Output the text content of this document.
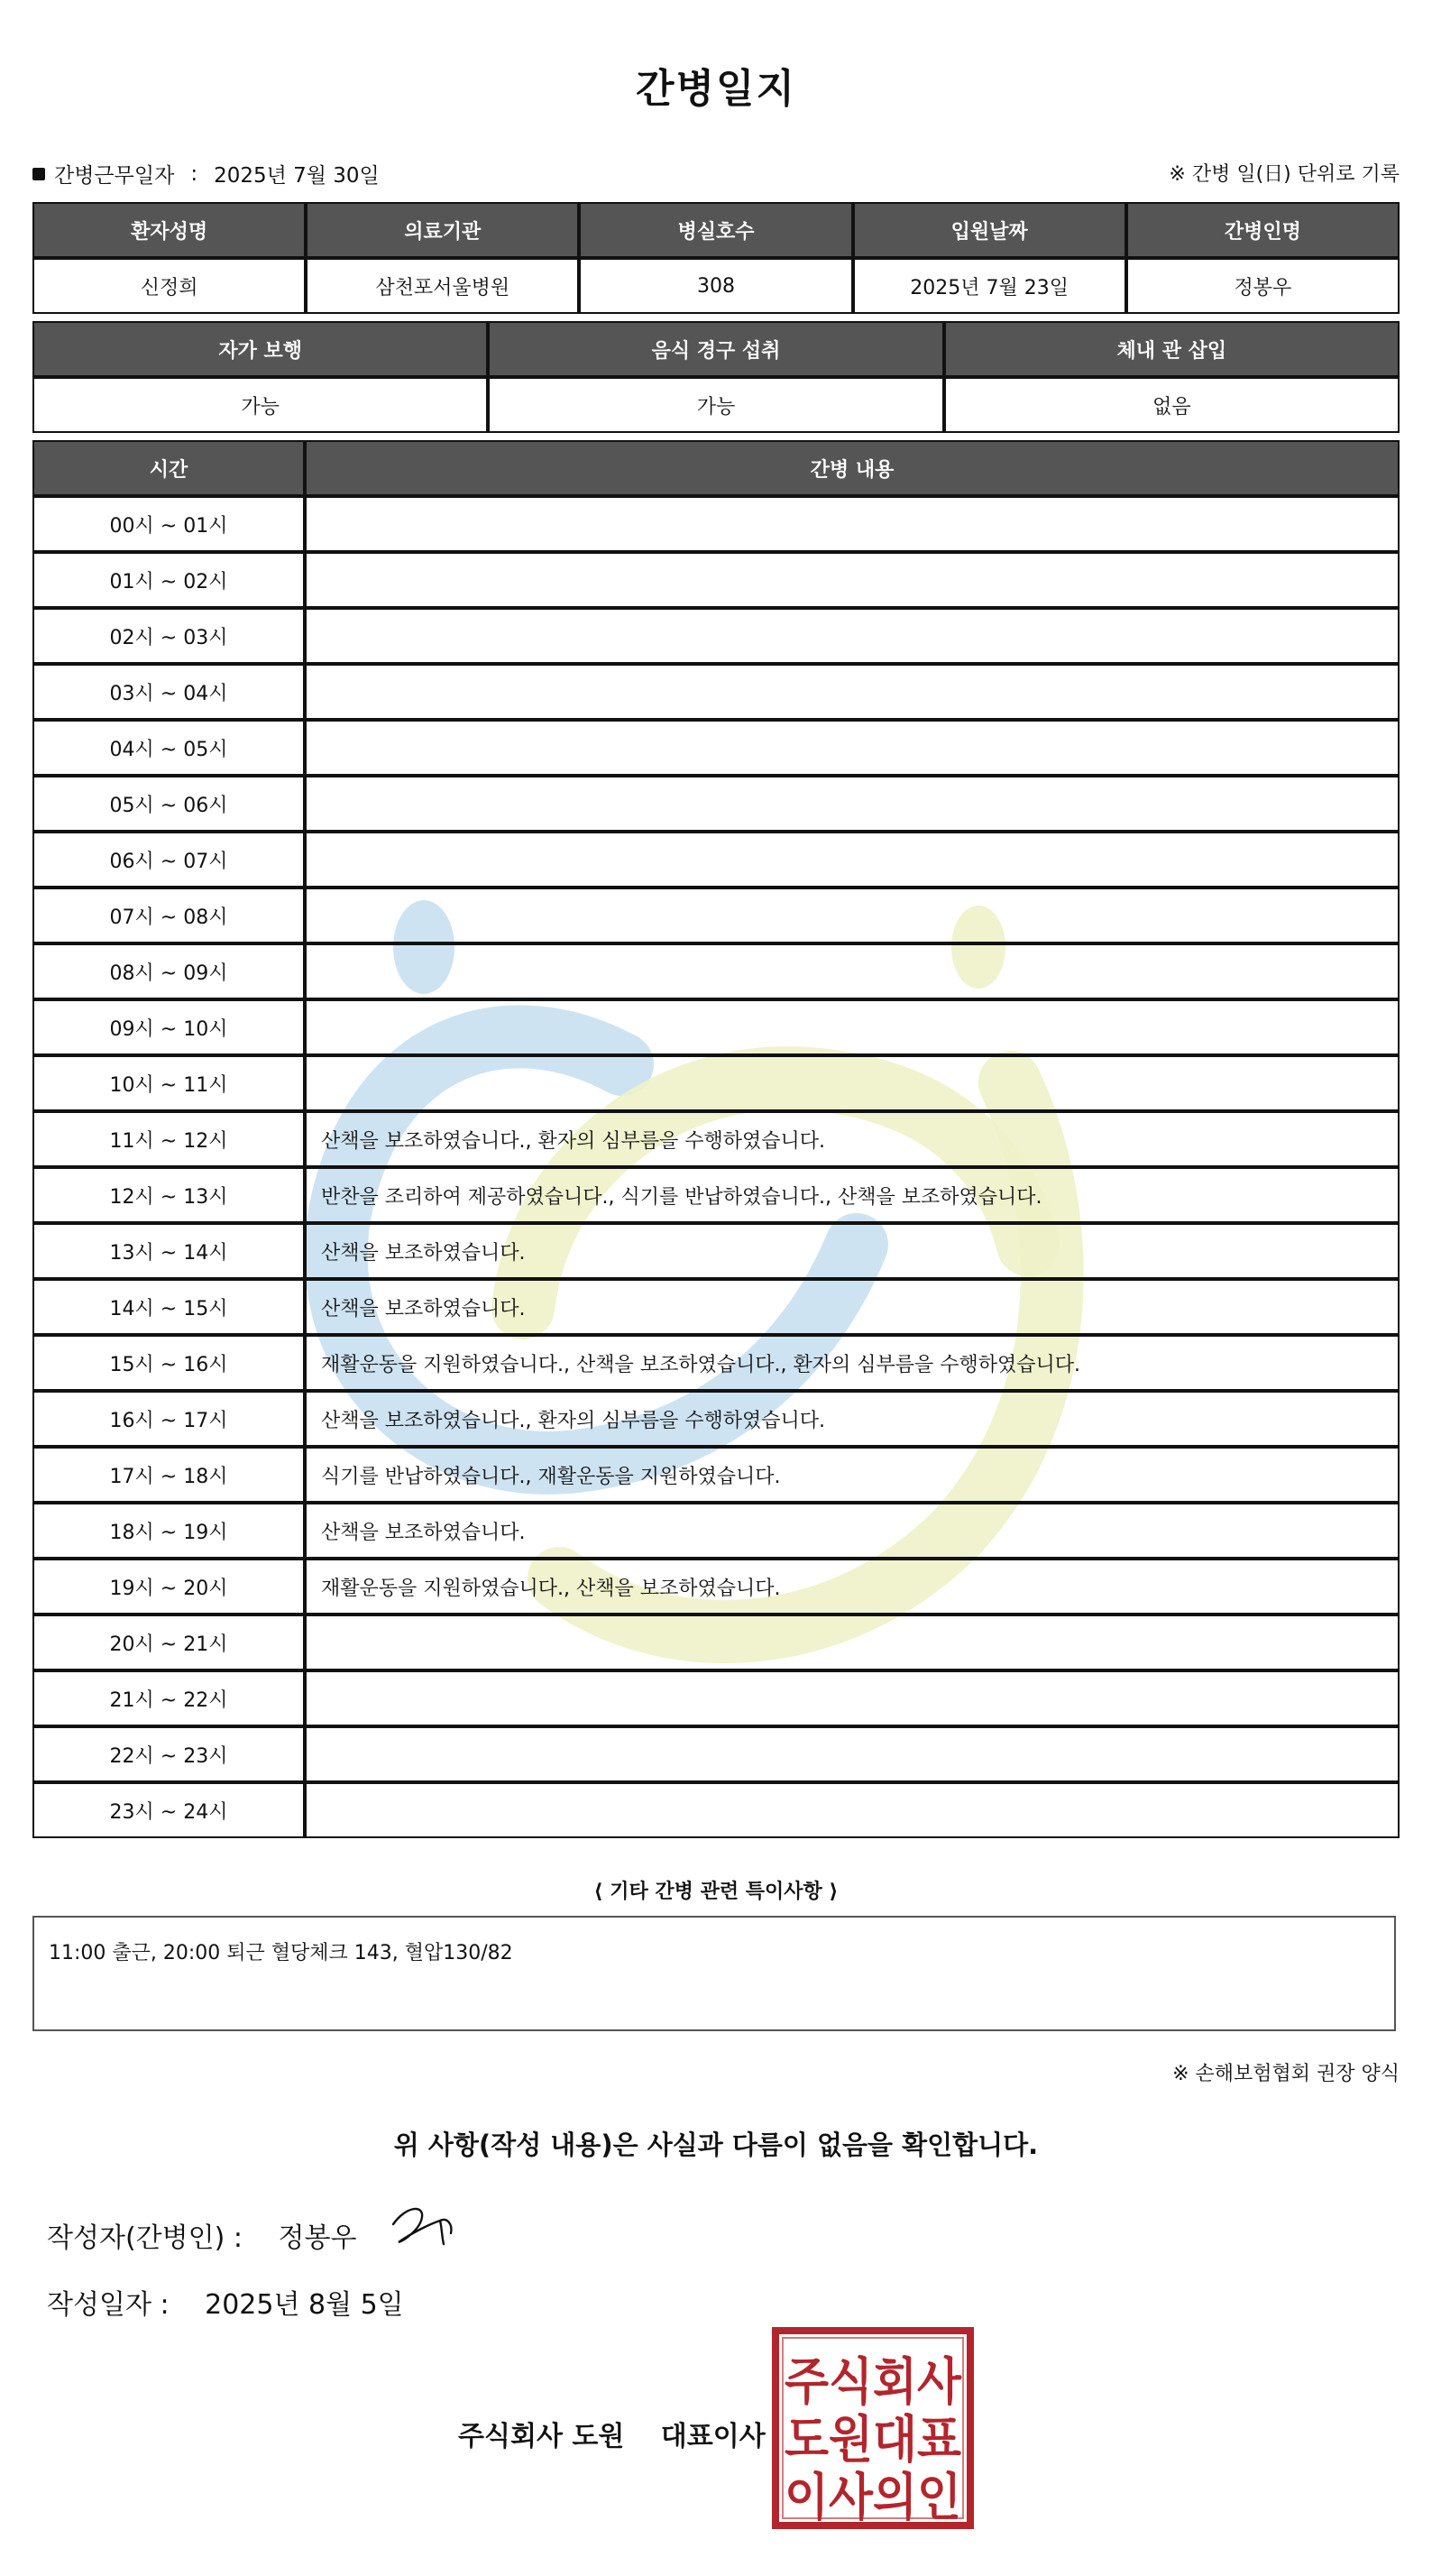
간병일지
간병근무일자 : 2025년 7월 30일	※ 간병 일(日) 단위로 기록
환자성명	의료기관	병실호수	입원날짜	간병인명
신정희	삼천포서울병원	308	2025년 7월 23일	정봉우
자가 보행	음식 경구 섭취	체내 관 삽입
가능	가능	없음
시간	간병 내용
00시 ~ 01시	
01시 ~ 02시	
02시 ~ 03시	
03시 ~ 04시	
04시 ~ 05시	
05시 ~ 06시	
06시 ~ 07시	
07시 ~ 08시	
08시 ~ 09시	
09시 ~ 10시	
10시 ~ 11시	
11시 ~ 12시	산책을 보조하였습니다., 환자의 심부름을 수행하였습니다.
12시 ~ 13시	반찬을 조리하여 제공하였습니다., 식기를 반납하였습니다., 산책을 보조하였습니다.
13시 ~ 14시	산책을 보조하였습니다.
14시 ~ 15시	산책을 보조하였습니다.
15시 ~ 16시	재활운동을 지원하였습니다., 산책을 보조하였습니다., 환자의 심부름을 수행하였습니다.
16시 ~ 17시	산책을 보조하였습니다., 환자의 심부름을 수행하였습니다.
17시 ~ 18시	식기를 반납하였습니다., 재활운동을 지원하였습니다.
18시 ~ 19시	산책을 보조하였습니다.
19시 ~ 20시	재활운동을 지원하였습니다., 산책을 보조하였습니다.
20시 ~ 21시	
21시 ~ 22시	
22시 ~ 23시	
23시 ~ 24시	
⟨ 기타 간병 관련 특이사항 ⟩
11:00 출근, 20:00 퇴근 혈당체크 143, 혈압130/82
※ 손해보험협회 권장 양식
위 사항(작성 내용)은 사실과 다름이 없음을 확인합니다.
작성자(간병인) : 정봉우
작성일자 : 2025년 8월 5일
주식회사 도원 대표이사
주식회사
도원대표
이사의인
